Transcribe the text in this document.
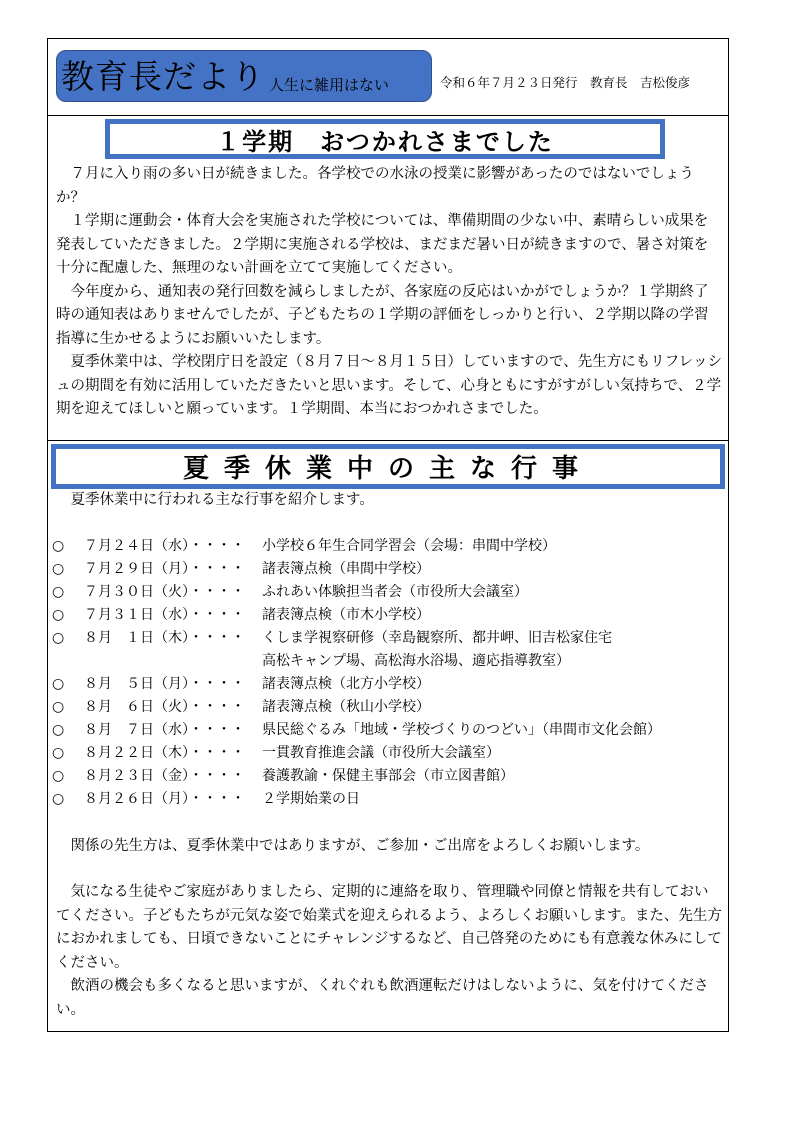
教育長だより 人生に雑用はない	令和６年７月２３日発行　教育長　吉松俊彦
１学期　おつかれさまでした

７月に入り雨の多い日が続きました。各学校での水泳の授業に影響があったのではないでしょうか？

１学期に運動会・体育大会を実施された学校については、準備期間の少ない中、素晴らしい成果を発表していただきました。２学期に実施される学校は、まだまだ暑い日が続きますので、暑さ対策を十分に配慮した、無理のない計画を立てて実施してください。

今年度から、通知表の発行回数を減らしましたが、各家庭の反応はいかがでしょうか？１学期終了時の通知表はありませんでしたが、子どもたちの１学期の評価をしっかりと行い、２学期以降の学習指導に生かせるようにお願いいたします。

夏季休業中は、学校閉庁日を設定（８月７日～８月１５日）していますので、先生方にもリフレッシュの期間を有効に活用していただきたいと思います。そして、心身ともにすがすがしい気持ちで、２学期を迎えてほしいと願っています。１学期間、本当におつかれさまでした。

夏季休業中の主な行事
夏季休業中に行われる主な行事を紹介します。
○	７月２４日（水）・・・・	小学校６年生合同学習会（会場：串間中学校）
○	７月２９日（月）・・・・	諸表簿点検（串間中学校）
○	７月３０日（火）・・・・	ふれあい体験担当者会（市役所大会議室）
○	７月３１日（水）・・・・	諸表簿点検（市木小学校）
○	８月　１日（木）・・・・	くしま学視察研修（幸島観察所、都井岬、旧吉松家住宅
高松キャンプ場、高松海水浴場、適応指導教室）
○	８月　５日（月）・・・・	諸表簿点検（北方小学校）
○	８月　６日（火）・・・・	諸表簿点検（秋山小学校）
○	８月　７日（水）・・・・	県民総ぐるみ「地域・学校づくりのつどい」（串間市文化会館）
○	８月２２日（木）・・・・	一貫教育推進会議（市役所大会議室）
○	８月２３日（金）・・・・	養護教諭・保健主事部会（市立図書館）
○	８月２６日（月）・・・・	２学期始業の日

関係の先生方は、夏季休業中ではありますが、ご参加・ご出席をよろしくお願いします。

気になる生徒やご家庭がありましたら、定期的に連絡を取り、管理職や同僚と情報を共有しておいてください。子どもたちが元気な姿で始業式を迎えられるよう、よろしくお願いします。また、先生方におかれましても、日頃できないことにチャレンジするなど、自己啓発のためにも有意義な休みにしてください。

飲酒の機会も多くなると思いますが、くれぐれも飲酒運転だけはしないように、気を付けてください。
